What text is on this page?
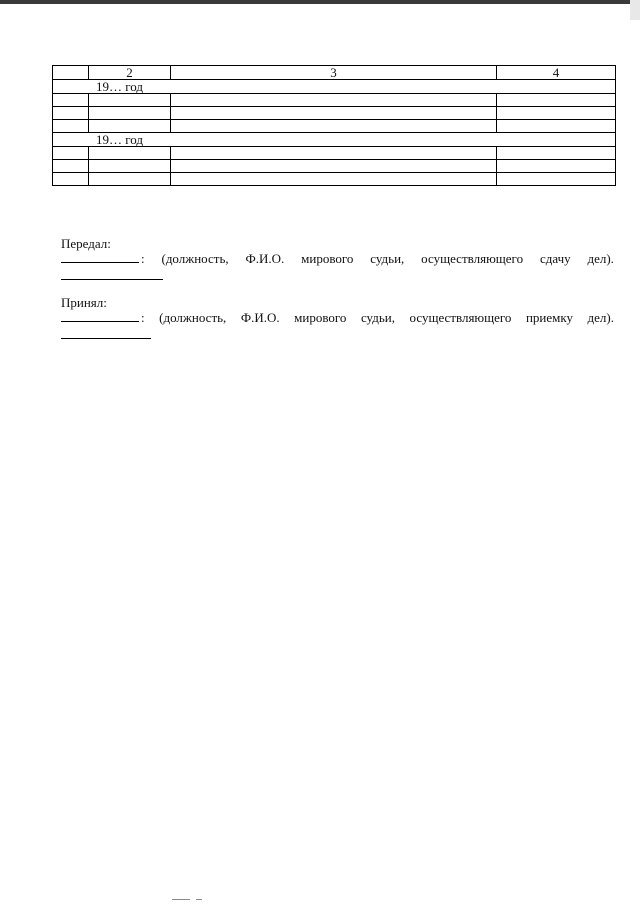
	2	3	4
19… год			

19… год			

Передал:
: (должность, Ф.И.О. мирового судьи, осуществляющего сдачу дел).
Принял:
: (должность, Ф.И.О. мирового судьи, осуществляющего приемку дел).
